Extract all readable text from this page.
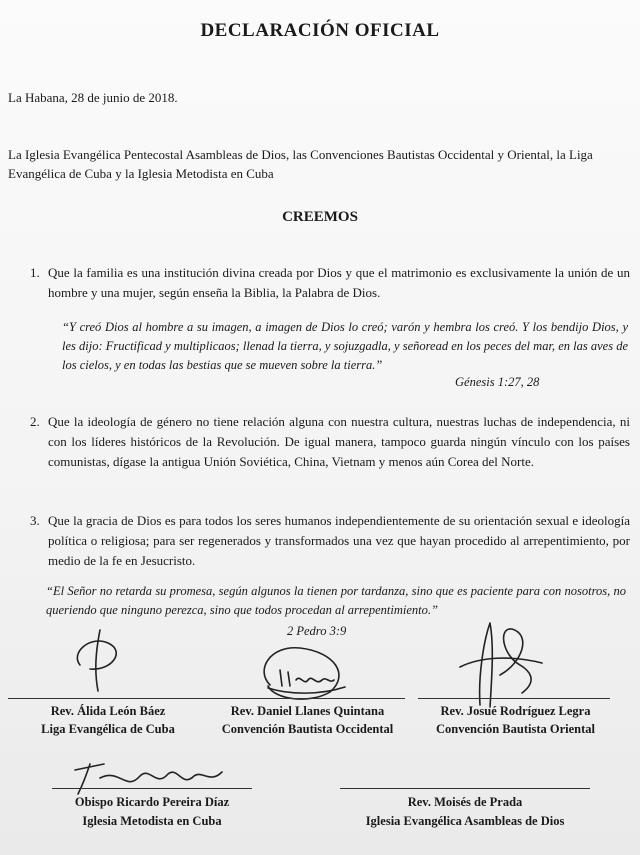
DECLARACIÓN OFICIAL
La Habana, 28 de junio de 2018.
La Iglesia Evangélica Pentecostal Asambleas de Dios, las Convenciones Bautistas Occidental y Oriental, la Liga Evangélica de Cuba y la Iglesia Metodista en Cuba
CREEMOS
1. Que la familia es una institución divina creada por Dios y que el matrimonio es exclusivamente la unión de un hombre y una mujer, según enseña la Biblia, la Palabra de Dios.
“Y creó Dios al hombre a su imagen, a imagen de Dios lo creó; varón y hembra los creó. Y los bendijo Dios, y les dijo: Fructificad y multiplicaos; llenad la tierra, y sojuzgadla, y señoread en los peces del mar, en las aves de los cielos, y en todas las bestias que se mueven sobre la tierra.”
Génesis 1:27, 28
2. Que la ideología de género no tiene relación alguna con nuestra cultura, nuestras luchas de independencia, ni con los líderes históricos de la Revolución. De igual manera, tampoco guarda ningún vínculo con los países comunistas, dígase la antigua Unión Soviética, China, Vietnam y menos aún Corea del Norte.
3. Que la gracia de Dios es para todos los seres humanos independientemente de su orientación sexual e ideología política o religiosa; para ser regenerados y transformados una vez que hayan procedido al arrepentimiento, por medio de la fe en Jesucristo.
“El Señor no retarda su promesa, según algunos la tienen por tardanza, sino que es paciente para con nosotros, no queriendo que ninguno perezca, sino que todos procedan al arrepentimiento.”
2 Pedro 3:9
Rev. Álida León Báez
Liga Evangélica de Cuba
Rev. Daniel Llanes Quintana
Convención Bautista Occidental
Rev. Josué Rodríguez Legra
Convención Bautista Oriental
Obispo Ricardo Pereira Díaz
Iglesia Metodista en Cuba
Rev. Moisés de Prada
Iglesia Evangélica Asambleas de Dios
